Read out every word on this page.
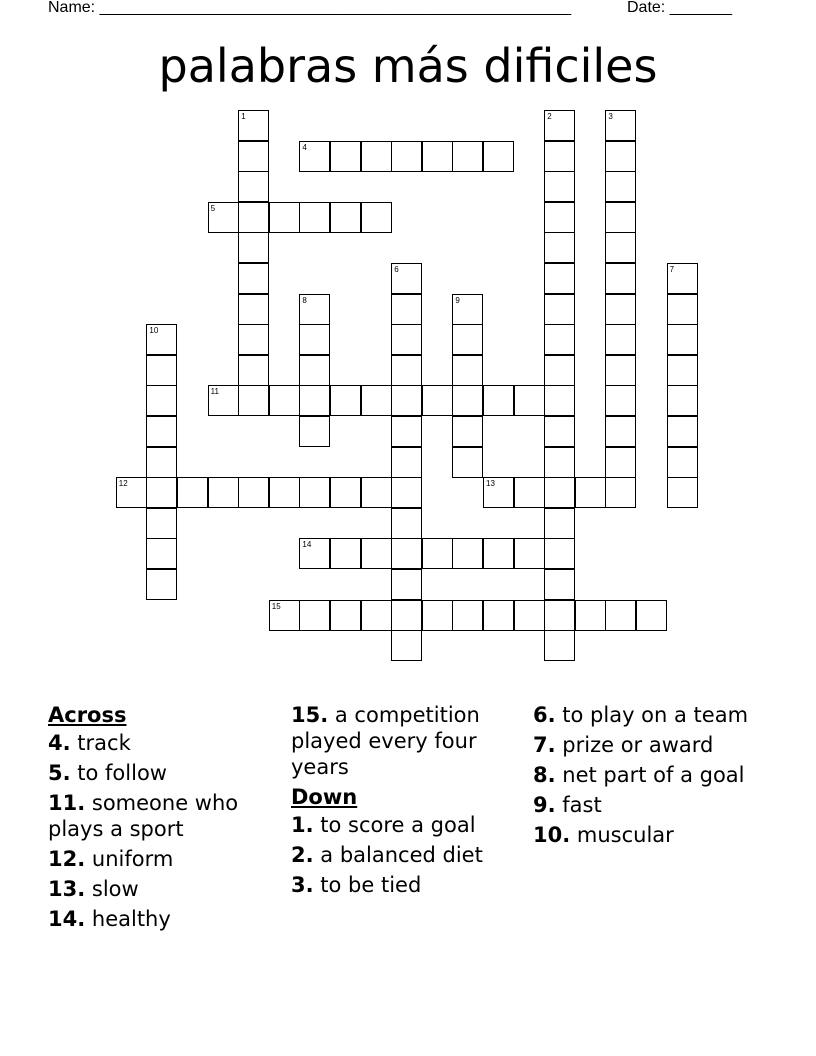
Name: _____________________________________________________	Date: _______
palabras más dificiles
1	2	3
4
5
6	7
8	9
10
11
12	13
14
15
Across
4. track
5. to follow
11. someone who plays a sport
12. uniform
13. slow
14. healthy
15. a competition played every four years
Down
1. to score a goal
2. a balanced diet
3. to be tied
6. to play on a team
7. prize or award
8. net part of a goal
9. fast
10. muscular
